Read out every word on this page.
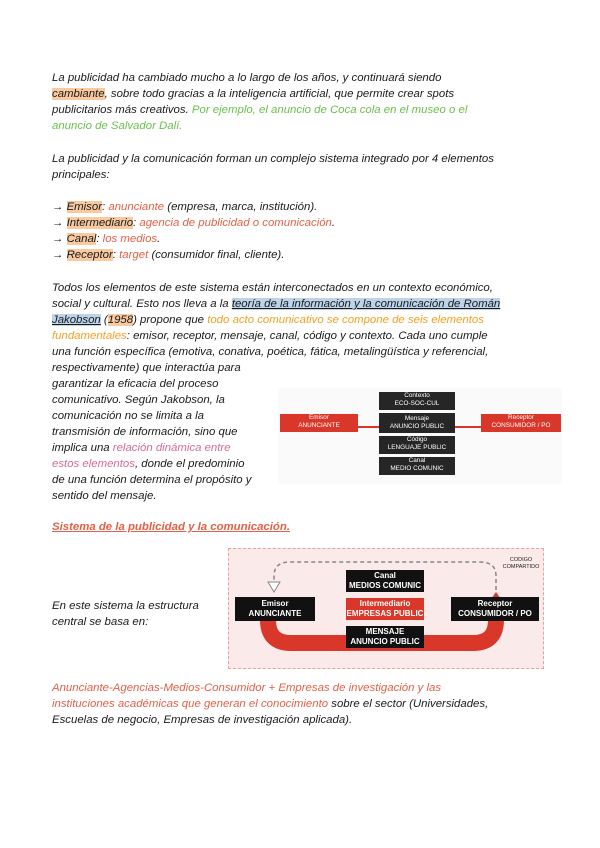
La publicidad ha cambiado mucho a lo largo de los años, y continuará siendo

cambiante, sobre todo gracias a la inteligencia artificial, que permite crear spots

publicitarios más creativos. Por ejemplo, el anuncio de Coca cola en el museo o el

anuncio de Salvador Dalí.

La publicidad y la comunicación forman un complejo sistema integrado por 4 elementos

principales:

→ Emisor: anunciante (empresa, marca, institución).

→ Intermediario: agencia de publicidad o comunicación.

→ Canal: los medios.

→ Receptor: target (consumidor final, cliente).

Todos los elementos de este sistema están interconectados en un contexto económico,

social y cultural. Esto nos lleva a la teoría de la información y la comunicación de Román

Jakobson (1958) propone que todo acto comunicativo se compone de seis elementos

fundamentales: emisor, receptor, mensaje, canal, código y contexto. Cada uno cumple

una función específica (emotiva, conativa, poética, fática, metalingüística y referencial,

respectivamente) que interactúa para

garantizar la eficacia del proceso

comunicativo. Según Jakobson, la

comunicación no se limita a la

transmisión de información, sino que

implica una relación dinámica entre

estos elementos, donde el predominio

de una función determina el propósito y

sentido del mensaje.

Contexto
ECO-SOC-CUL
Mensaje
ANUNCIO PUBLIC
Código
LENGUAJE PUBLIC
Canal
MEDIO COMUNIC
Emisor
ANUNCIANTE
Receptor
CONSUMIDOR / PO

Sistema de la publicidad y la comunicación.

En este sistema la estructura

central se basa en:

CODIGO
COMPARTIDO
Canal
MEDIOS COMUNIC
Intermediario
EMPRESAS PUBLIC
MENSAJE
ANUNCIO PUBLIC
Emisor
ANUNCIANTE
Receptor
CONSUMIDOR / PO

Anunciante-Agencias-Medios-Consumidor + Empresas de investigación y las

instituciones académicas que generan el conocimiento sobre el sector (Universidades,

Escuelas de negocio, Empresas de investigación aplicada).
